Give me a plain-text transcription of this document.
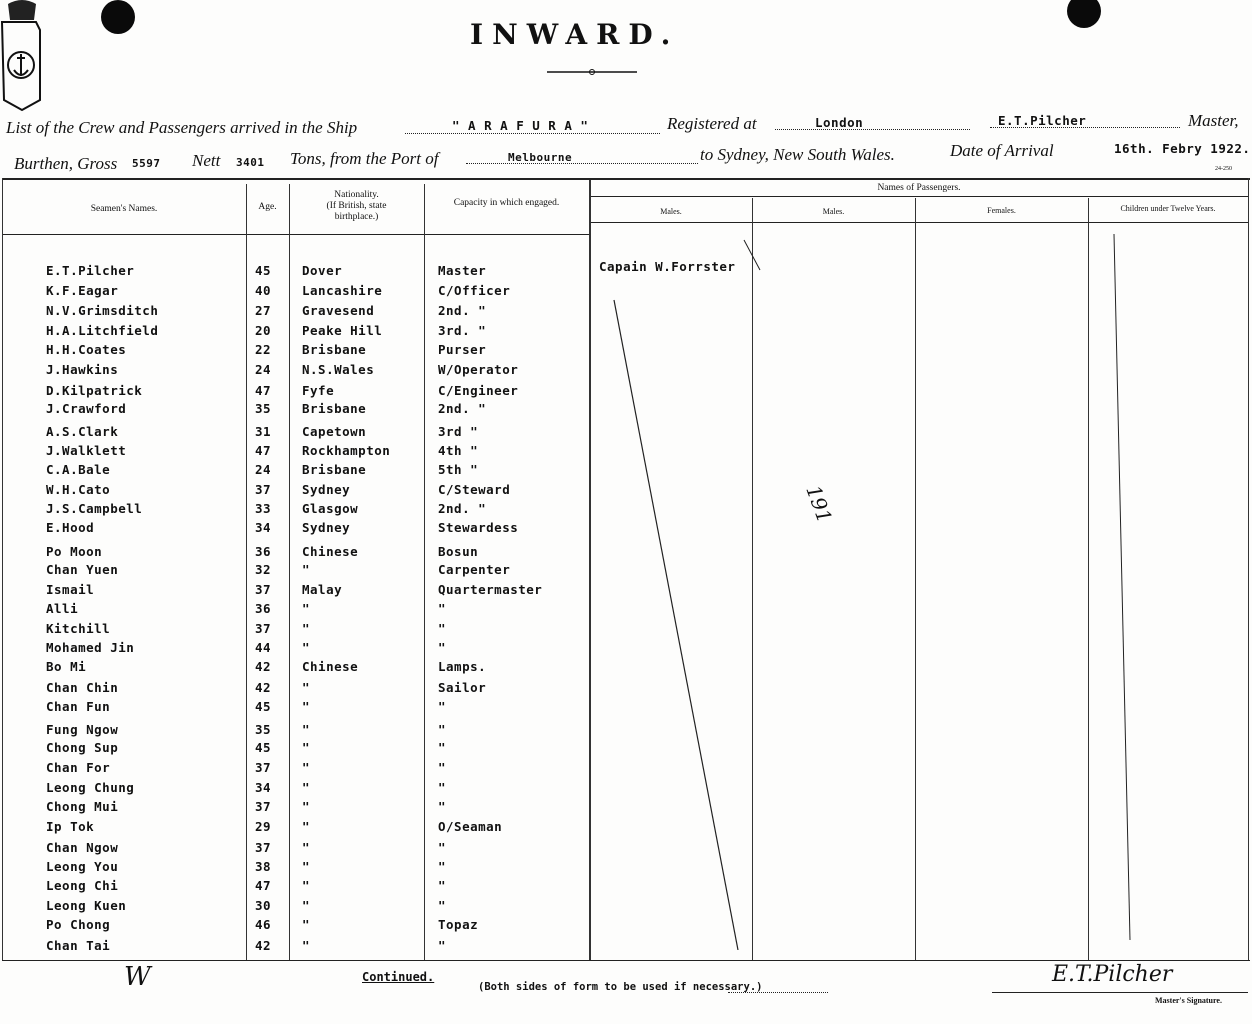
INWARD.
List of the Crew and Passengers arrived in the Ship	" A R A F U R A "	Registered at	London	E.T.Pilcher	Master,
Burthen, Gross 5597 Nett 3401 Tons, from the Port of	Melbourne	to Sydney, New South Wales.	Date of Arrival	16th. Febry 1922.
24-250
Seamen's Names.	Age.
Nationality.
(If British, state
birthplace.)
Capacity in which engaged.
Names of Passengers.
Males.	Males.	Females.	Children under Twelve Years.
Capain W.Forrster
191
E.T.Pilcher	45 Dover	Master
K.F.Eagar	40 Lancashire	C/Officer
N.V.Grimsditch	27 Gravesend	2nd. "
H.A.Litchfield	20 Peake Hill	3rd. "
H.H.Coates	22 Brisbane	Purser
J.Hawkins	24 N.S.Wales	W/Operator
D.Kilpatrick	47 Fyfe	C/Engineer
J.Crawford	35 Brisbane	2nd. "
A.S.Clark	31 Capetown	3rd "
J.Walklett	47 Rockhampton	4th "
C.A.Bale	24 Brisbane	5th "
W.H.Cato	37 Sydney	C/Steward
J.S.Campbell	33 Glasgow	2nd. "
E.Hood	34 Sydney	Stewardess
Po Moon	36 Chinese	Bosun
Chan Yuen	32 "	Carpenter
Ismail	37 Malay	Quartermaster
Alli	36 "	"
Kitchill	37 "	"
Mohamed Jin	44 "	"
Bo Mi	42 Chinese	Lamps.
Chan Chin	42 "	Sailor
Chan Fun	45 "	"
Fung Ngow	35 "	"
Chong Sup	45 "	"
Chan For	37 "	"
Leong Chung	34 "	"
Chong Mui	37 "	"
Ip Tok	29 "	O/Seaman
Chan Ngow	37 "	"
Leong You	38 "	"
Leong Chi	47 "	"
Leong Kuen	30 "	"
Po Chong	46 "	Topaz
Chan Tai	42 "	"
W	Continued.
(Both sides of form to be used if necessary.)	E.T.Pilcher
Master's Signature.
